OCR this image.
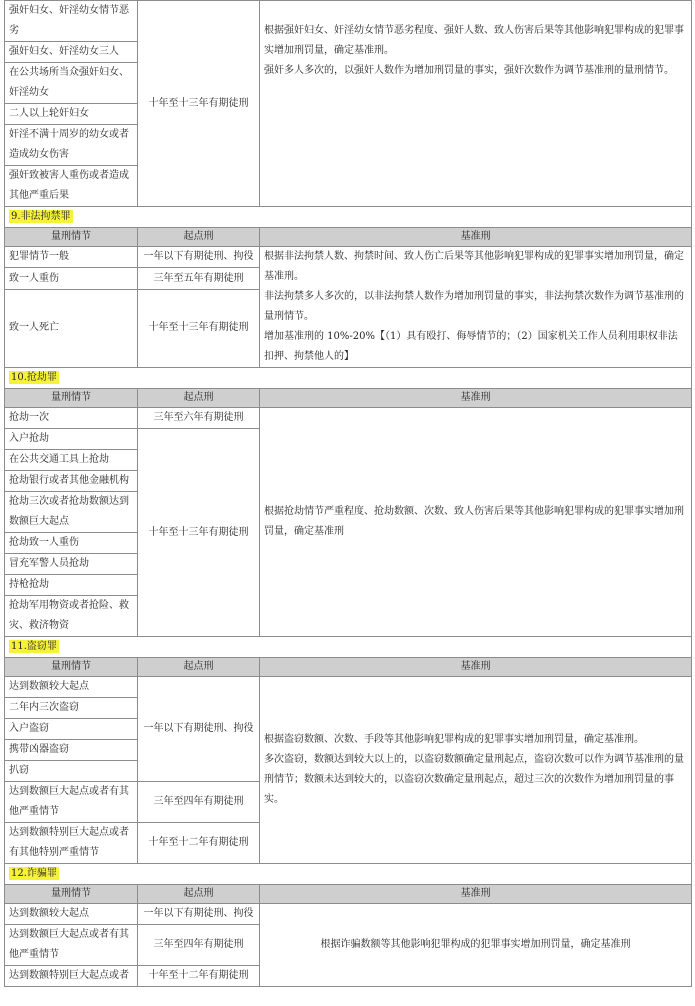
强奸妇女、奸淫幼女情节恶劣	十年至十三年有期徒刑	根据强奸妇女、奸淫幼女情节恶劣程度、强奸人数、致人伤害后果等其他影响犯罪构成的犯罪事实增加刑罚量，确定基准刑。
强奸多人多次的，以强奸人数作为增加刑罚量的事实，强奸次数作为调节基准刑的量刑情节。

强奸妇女、奸淫幼女三人		
在公共场所当众强奸妇女、奸淫幼女		
二人以上轮奸妇女		
奸淫不满十周岁的幼女或者造成幼女伤害		
强奸致被害人重伤或者造成其他严重后果		
9.非法拘禁罪		
量刑情节	起点刑	基准刑
犯罪情节一般	一年以下有期徒刑、拘役	根据非法拘禁人数、拘禁时间、致人伤亡后果等其他影响犯罪构成的犯罪事实增加刑罚量，确定基准刑。
非法拘禁多人多次的，以非法拘禁人数作为增加刑罚量的事实，非法拘禁次数作为调节基准刑的量刑情节。
增加基准刑的 10%-20%【（1）具有殴打、侮辱情节的；（2）国家机关工作人员利用职权非法扣押、拘禁他人的】

致一人重伤	三年至五年有期徒刑	
致一人死亡	十年至十三年有期徒刑	
10.抢劫罪		
量刑情节	起点刑	基准刑
抢劫一次	三年至六年有期徒刑	根据抢劫情节严重程度、抢劫数额、次数、致人伤害后果等其他影响犯罪构成的犯罪事实增加刑罚量，确定基准刑
入户抢劫	十年至十三年有期徒刑	
在公共交通工具上抢劫		
抢劫银行或者其他金融机构		
抢劫三次或者抢劫数额达到数额巨大起点		
抢劫致一人重伤		
冒充军警人员抢劫		
持枪抢劫		
抢劫军用物资或者抢险、救灾、救济物资		
11.盗窃罪		
量刑情节	起点刑	基准刑
达到数额较大起点	一年以下有期徒刑、拘役	根据盗窃数额、次数、手段等其他影响犯罪构成的犯罪事实增加刑罚量，确定基准刑。
多次盗窃，数额达到较大以上的，以盗窃数额确定量刑起点，盗窃次数可以作为调节基准刑的量刑情节；数额未达到较大的，以盗窃次数确定量刑起点，超过三次的次数作为增加刑罚量的事实。

二年内三次盗窃		
入户盗窃		
携带凶器盗窃		
扒窃		
达到数额巨大起点或者有其他严重情节	三年至四年有期徒刑	
达到数额特别巨大起点或者有其他特别严重情节	十年至十二年有期徒刑	
12.诈骗罪		
量刑情节	起点刑	基准刑
达到数额较大起点	一年以下有期徒刑、拘役	根据诈骗数额等其他影响犯罪构成的犯罪事实增加刑罚量，确定基准刑
达到数额巨大起点或者有其他严重情节	三年至四年有期徒刑	
达到数额特别巨大起点或者	十年至十二年有期徒刑	
